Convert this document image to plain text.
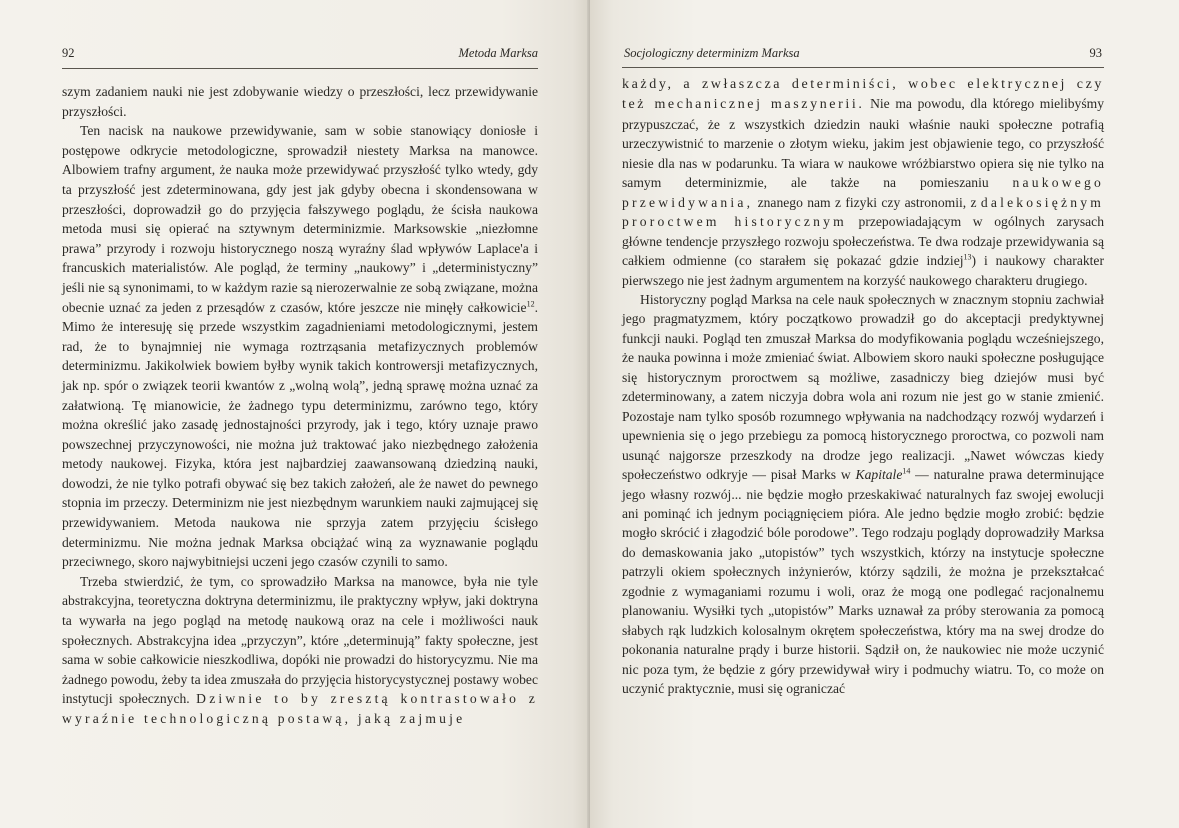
92	Metoda Marksa

szym zadaniem nauki nie jest zdobywanie wiedzy o przeszłości, lecz przewidywanie przyszłości.

Ten nacisk na naukowe przewidywanie, sam w sobie stanowiący doniosłe i postępowe odkrycie metodologiczne, sprowadził niestety Marksa na manowce. Albowiem trafny argument, że nauka może przewidywać przyszłość tylko wtedy, gdy ta przyszłość jest zdeterminowana, gdy jest jak gdyby obecna i skondensowana w przeszłości, doprowadził go do przyjęcia fałszywego poglądu, że ścisła naukowa metoda musi się opierać na sztywnym determinizmie. Marksowskie „niezłomne prawa” przyrody i rozwoju historycznego noszą wyraźny ślad wpływów Laplace'a i francuskich materialistów. Ale pogląd, że terminy „naukowy” i „deterministyczny” jeśli nie są synonimami, to w każdym razie są nierozerwalnie ze sobą związane, można obecnie uznać za jeden z przesądów z czasów, które jeszcze nie minęły całkowicie$^{12}$. Mimo że interesuję się przede wszystkim zagadnieniami metodologicznymi, jestem rad, że to bynajmniej nie wymaga roztrząsania metafizycznych problemów determinizmu. Jakikolwiek bowiem byłby wynik takich kontrowersji metafizycznych, jak np. spór o związek teorii kwantów z „wolną wolą”, jedną sprawę można uznać za załatwioną. Tę mianowicie, że żadnego typu determinizmu, zarówno tego, który można określić jako zasadę jednostajności przyrody, jak i tego, który uznaje prawo powszechnej przyczynowości, nie można już traktować jako niezbędnego założenia metody naukowej. Fizyka, która jest najbardziej zaawansowaną dziedziną nauki, dowodzi, że nie tylko potrafi obywać się bez takich założeń, ale że nawet do pewnego stopnia im przeczy. Determinizm nie jest niezbędnym warunkiem nauki zajmującej się przewidywaniem. Metoda naukowa nie sprzyja zatem przyjęciu ścisłego determinizmu. Nie można jednak Marksa obciążać winą za wyznawanie poglądu przeciwnego, skoro najwybitniejsi uczeni jego czasów czynili to samo.

Trzeba stwierdzić, że tym, co sprowadziło Marksa na manowce, była nie tyle abstrakcyjna, teoretyczna doktryna determinizmu, ile praktyczny wpływ, jaki doktryna ta wywarła na jego pogląd na metodę naukową oraz na cele i możliwości nauk społecznych. Abstrakcyjna idea „przyczyn”, które „determinują” fakty społeczne, jest sama w sobie całkowicie nieszkodliwa, dopóki nie prowadzi do historycyzmu. Nie ma żadnego powodu, żeby ta idea zmuszała do przyjęcia historycystycznej postawy wobec instytucji społecznych. Dziwnie to by zresztą kontrastowało z wyraźnie technologiczną postawą, jaką zajmuje

Socjologiczny determinizm Marksa	93

każdy, a zwłaszcza determiniści, wobec elektrycznej czy też mechanicznej maszynerii. Nie ma powodu, dla którego mielibyśmy przypuszczać, że z wszystkich dziedzin nauki właśnie nauki społeczne potrafią urzeczywistnić to marzenie o złotym wieku, jakim jest objawienie tego, co przyszłość niesie dla nas w podarunku. Ta wiara w naukowe wróżbiarstwo opiera się nie tylko na samym determinizmie, ale także na pomieszaniu naukowego przewidywania, znanego nam z fizyki czy astronomii, z dalekosiężnym proroctwem historycznym przepowiadającym w ogólnych zarysach główne tendencje przyszłego rozwoju społeczeństwa. Te dwa rodzaje przewidywania są całkiem odmienne (co starałem się pokazać gdzie indziej$^{13}$) i naukowy charakter pierwszego nie jest żadnym argumentem na korzyść naukowego charakteru drugiego.

Historyczny pogląd Marksa na cele nauk społecznych w znacznym stopniu zachwiał jego pragmatyzmem, który początkowo prowadził go do akceptacji predyktywnej funkcji nauki. Pogląd ten zmuszał Marksa do modyfikowania poglądu wcześniejszego, że nauka powinna i może zmieniać świat. Albowiem skoro nauki społeczne posługujące się historycznym proroctwem są możliwe, zasadniczy bieg dziejów musi być zdeterminowany, a zatem niczyja dobra wola ani rozum nie jest go w stanie zmienić. Pozostaje nam tylko sposób rozumnego wpływania na nadchodzący rozwój wydarzeń i upewnienia się o jego przebiegu za pomocą historycznego proroctwa, co pozwoli nam usunąć najgorsze przeszkody na drodze jego realizacji. „Nawet wówczas kiedy społeczeństwo odkryje — pisał Marks w Kapitale$^{14}$ — naturalne prawa determinujące jego własny rozwój... nie będzie mogło przeskakiwać naturalnych faz swojej ewolucji ani pominąć ich jednym pociągnięciem pióra. Ale jedno będzie mogło zrobić: będzie mogło skrócić i złagodzić bóle porodowe”. Tego rodzaju poglądy doprowadziły Marksa do demaskowania jako „utopistów” tych wszystkich, którzy na instytucje społeczne patrzyli okiem społecznych inżynierów, którzy sądzili, że można je przekształcać zgodnie z wymaganiami rozumu i woli, oraz że mogą one podlegać racjonalnemu planowaniu. Wysiłki tych „utopistów” Marks uznawał za próby sterowania za pomocą słabych rąk ludzkich kolosalnym okrętem społeczeństwa, który ma na swej drodze do pokonania naturalne prądy i burze historii. Sądził on, że naukowiec nie może uczynić nic poza tym, że będzie z góry przewidywał wiry i podmuchy wiatru. To, co może on uczynić praktycznie, musi się ograniczać
